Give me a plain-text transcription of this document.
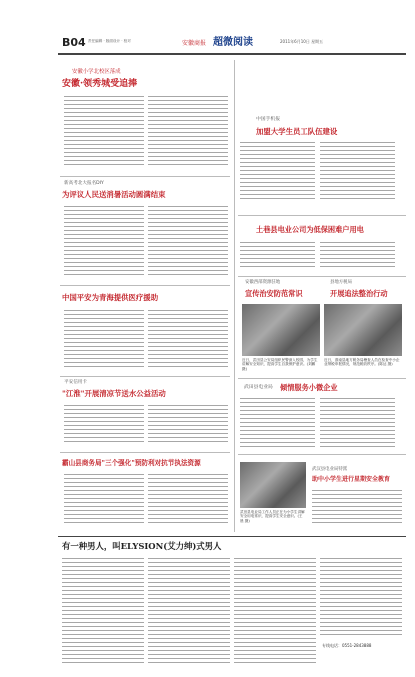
B04 责任编辑 · 版面设计 · 校对	安徽商报 超微阅读	2011年6月10日 星期五
安徽小学北校区落成
安徽·领秀城受追捧
新高考北大报名DIY
为评议人民送消暑活动圆满结束
中国平安为青海提供医疗援助
平安信用卡
"江淮"开展清凉节送水公益活动
霸山县商务局"三个强化"预防利对抗节执法资源
中国手机报
加盟大学生员工队伍建设
土巷县电业公司为低保困难户用电
安徽西部资源驻地
宣传治安防范常识
县地方税局
开展追法整治行动
近日，武田县公安局组织民警深入校园，为学生讲解安全知识，提高学生自我保护意识。(刘鹏 摄)
近日，淮南县地方税务局稽查人员在检查中小企业纳税申报情况，规范税收秩序。(陈达 摄)
武田县电业局 倾情服务小微企业
武田县电业局工作人员正在为小学生讲解安全用电常识，提高学生安全意识。(王晨 摄)
武汉县电业局特派
助中小学生进行星期安全教育
有一种男人，叫ELYSION(艾力绅)式男人
专线电话： 0551-2843888
